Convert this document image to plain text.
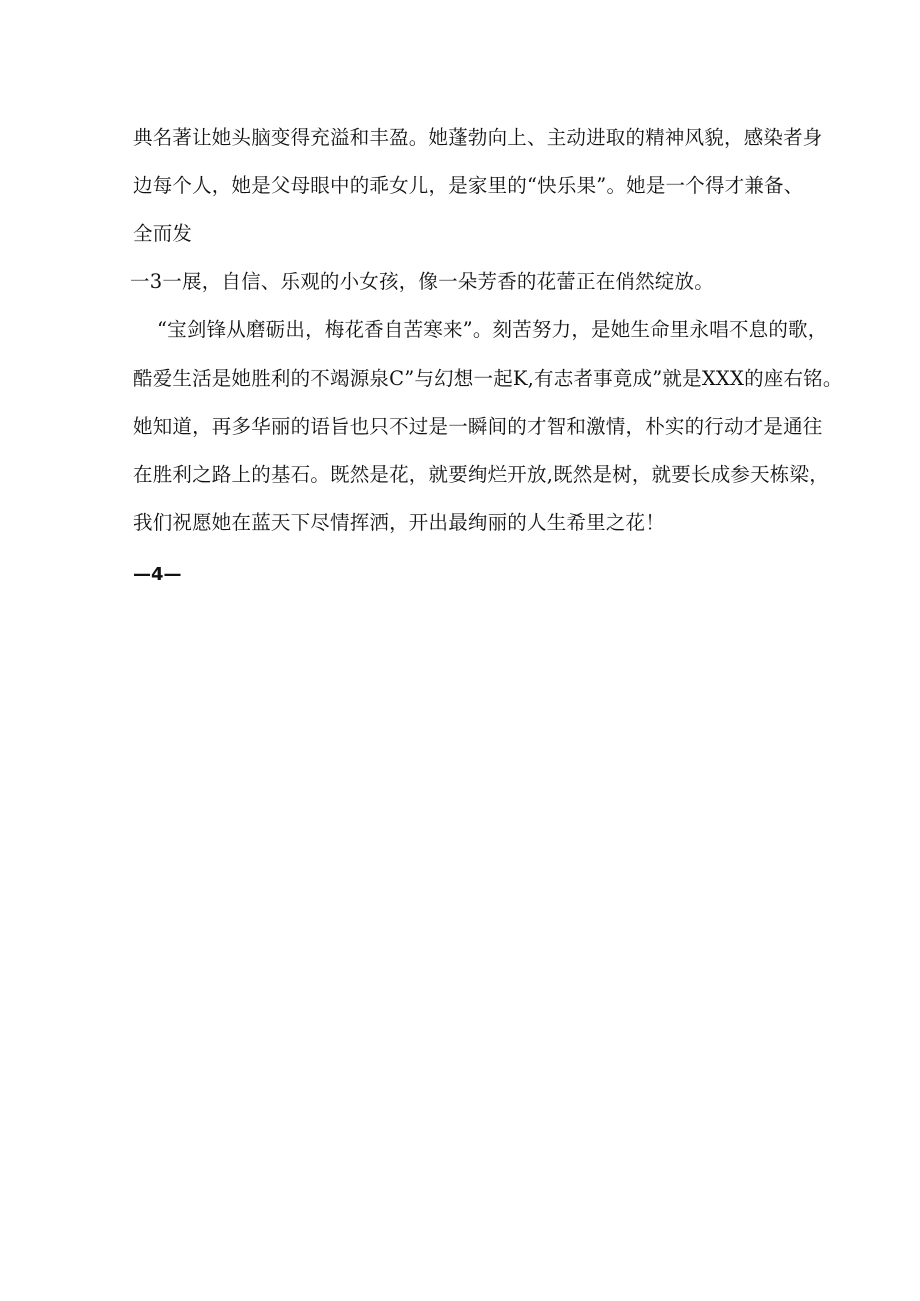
典名著让她头脑变得充溢和丰盈。她蓬勃向上、主动进取的精神风貌，感染者身
边每个人，她是父母眼中的乖女儿，是家里的“快乐果”。她是一个得才兼备、
全而发
一3一展，自信、乐观的小女孩，像一朵芳香的花蕾正在俏然绽放。
“宝剑锋从磨砺出，梅花香自苦寒来”。刻苦努力，是她生命里永唱不息的歌，
酷爱生活是她胜利的不竭源泉C”与幻想一起K,有志者事竟成”就是XXX的座右铭。
她知道，再多华丽的语旨也只不过是一瞬间的才智和激情，朴实的行动才是通往
在胜利之路上的基石。既然是花，就要绚烂开放,既然是树，就要长成参天栋梁，
我们祝愿她在蓝天下尽情挥洒，开出最绚丽的人生希里之花！
—4—
